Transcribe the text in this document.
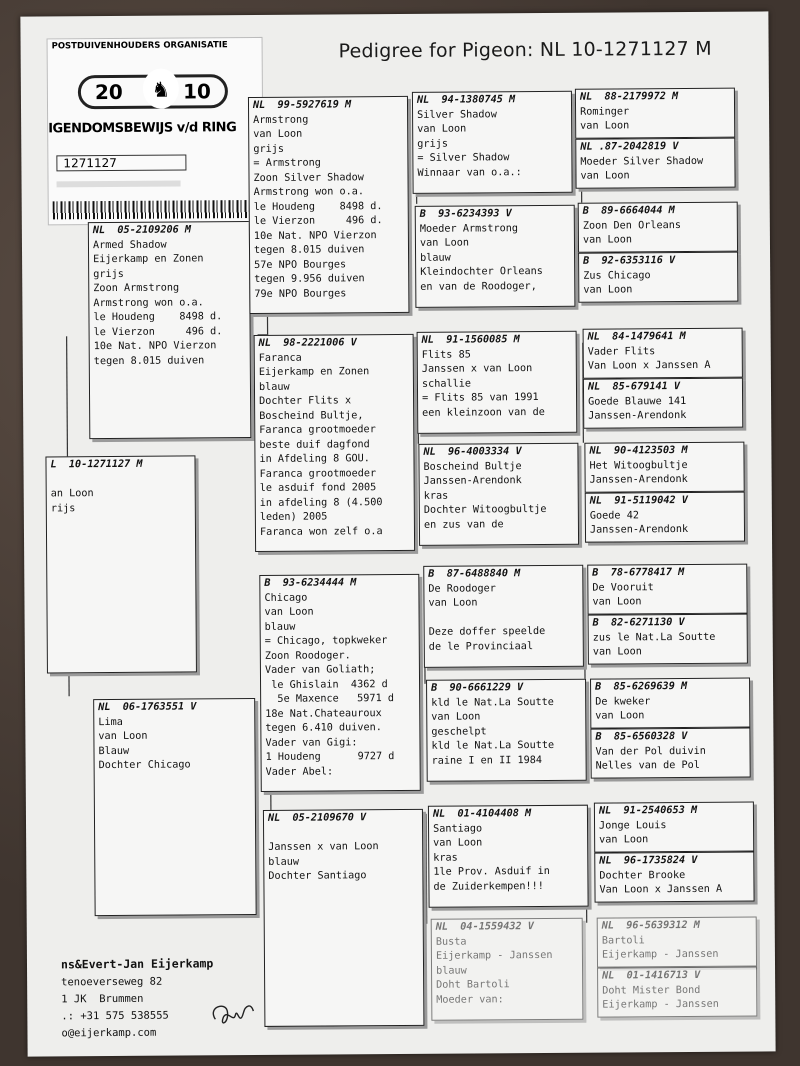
Pedigree for Pigeon: NL 10-1271127 M
POSTDUIVENHOUDERS ORGANISATIE
20	10
♞
IGENDOMSBEWIJS v/d RING
1271127
L  10-1271127 M

an Loon
rijs
NL  05-2109206 M
Armed Shadow
Eijerkamp en Zonen
grijs
Zoon Armstrong
Armstrong won o.a.
le Houdeng    8498 d.
le Vierzon     496 d.
10e Nat. NPO Vierzon
tegen 8.015 duiven
NL  06-1763551 V
Lima
van Loon
Blauw
Dochter Chicago
NL  99-5927619 M
Armstrong
van Loon
grijs
= Armstrong
Zoon Silver Shadow
Armstrong won o.a.
le Houdeng    8498 d.
le Vierzon     496 d.
10e Nat. NPO Vierzon
tegen 8.015 duiven
57e NPO Bourges
tegen 9.956 duiven
79e NPO Bourges
NL  98-2221006 V
Faranca
Eijerkamp en Zonen
blauw
Dochter Flits x
Boscheind Bultje,
Faranca grootmoeder
beste duif dagfond
in Afdeling 8 GOU.
Faranca grootmoeder
le asduif fond 2005
in afdeling 8 (4.500
leden) 2005
Faranca won zelf o.a
B  93-6234444 M
Chicago
van Loon
blauw
= Chicago, topkweker
Zoon Roodoger.
Vader van Goliath;
le Ghislain  4362 d
5e Maxence   5971 d
18e Nat.Chateauroux
tegen 6.410 duiven.
Vader van Gigi:
1 Houdeng      9727 d
Vader Abel:
NL  05-2109670 V

Janssen x van Loon
blauw
Dochter Santiago
NL  94-1380745 M
Silver Shadow
van Loon
grijs
= Silver Shadow
Winnaar van o.a.:
B  93-6234393 V
Moeder Armstrong
van Loon
blauw
Kleindochter Orleans
en van de Roodoger,
NL  91-1560085 M
Flits 85
Janssen x van Loon
schallie
= Flits 85 van 1991
een kleinzoon van de
NL  96-4003334 V
Boscheind Bultje
Janssen-Arendonk
kras
Dochter Witoogbultje
en zus van de
B  87-6488840 M
De Roodoger
van Loon

Deze doffer speelde
de le Provinciaal
B  90-6661229 V
kld le Nat.La Soutte
van Loon
geschelpt
kld le Nat.La Soutte
raine I en II 1984
NL  01-4104408 M
Santiago
van Loon
kras
1le Prov. Asduif in
de Zuiderkempen!!!
NL  04-1559432 V
Busta
Eijerkamp - Janssen
blauw
Doht Bartoli
Moeder van:
NL  88-2179972 M
Rominger
van Loon
NL .87-2042819 V
Moeder Silver Shadow
van Loon
B  89-6664044 M
Zoon Den Orleans
van Loon
B  92-6353116 V
Zus Chicago
van Loon
NL  84-1479641 M
Vader Flits
Van Loon x Janssen A
NL  85-679141 V
Goede Blauwe 141
Janssen-Arendonk
NL  90-4123503 M
Het Witoogbultje
Janssen-Arendonk
NL  91-5119042 V
Goede 42
Janssen-Arendonk
B  78-6778417 M
De Vooruit
van Loon
B  82-6271130 V
zus le Nat.La Soutte
van Loon
B  85-6269639 M
De kweker
van Loon
B  85-6560328 V
Van der Pol duivin
Nelles van de Pol
NL  91-2540653 M
Jonge Louis
van Loon
NL  96-1735824 V
Dochter Brooke
Van Loon x Janssen A
NL  96-5639312 M
Bartoli
Eijerkamp - Janssen
NL  01-1416713 V
Doht Mister Bond
Eijerkamp - Janssen
ns&Evert-Jan Eijerkamp
tenoeverseweg 82
1 JK  Brummen
.: +31 575 538555
o@eijerkamp.com
